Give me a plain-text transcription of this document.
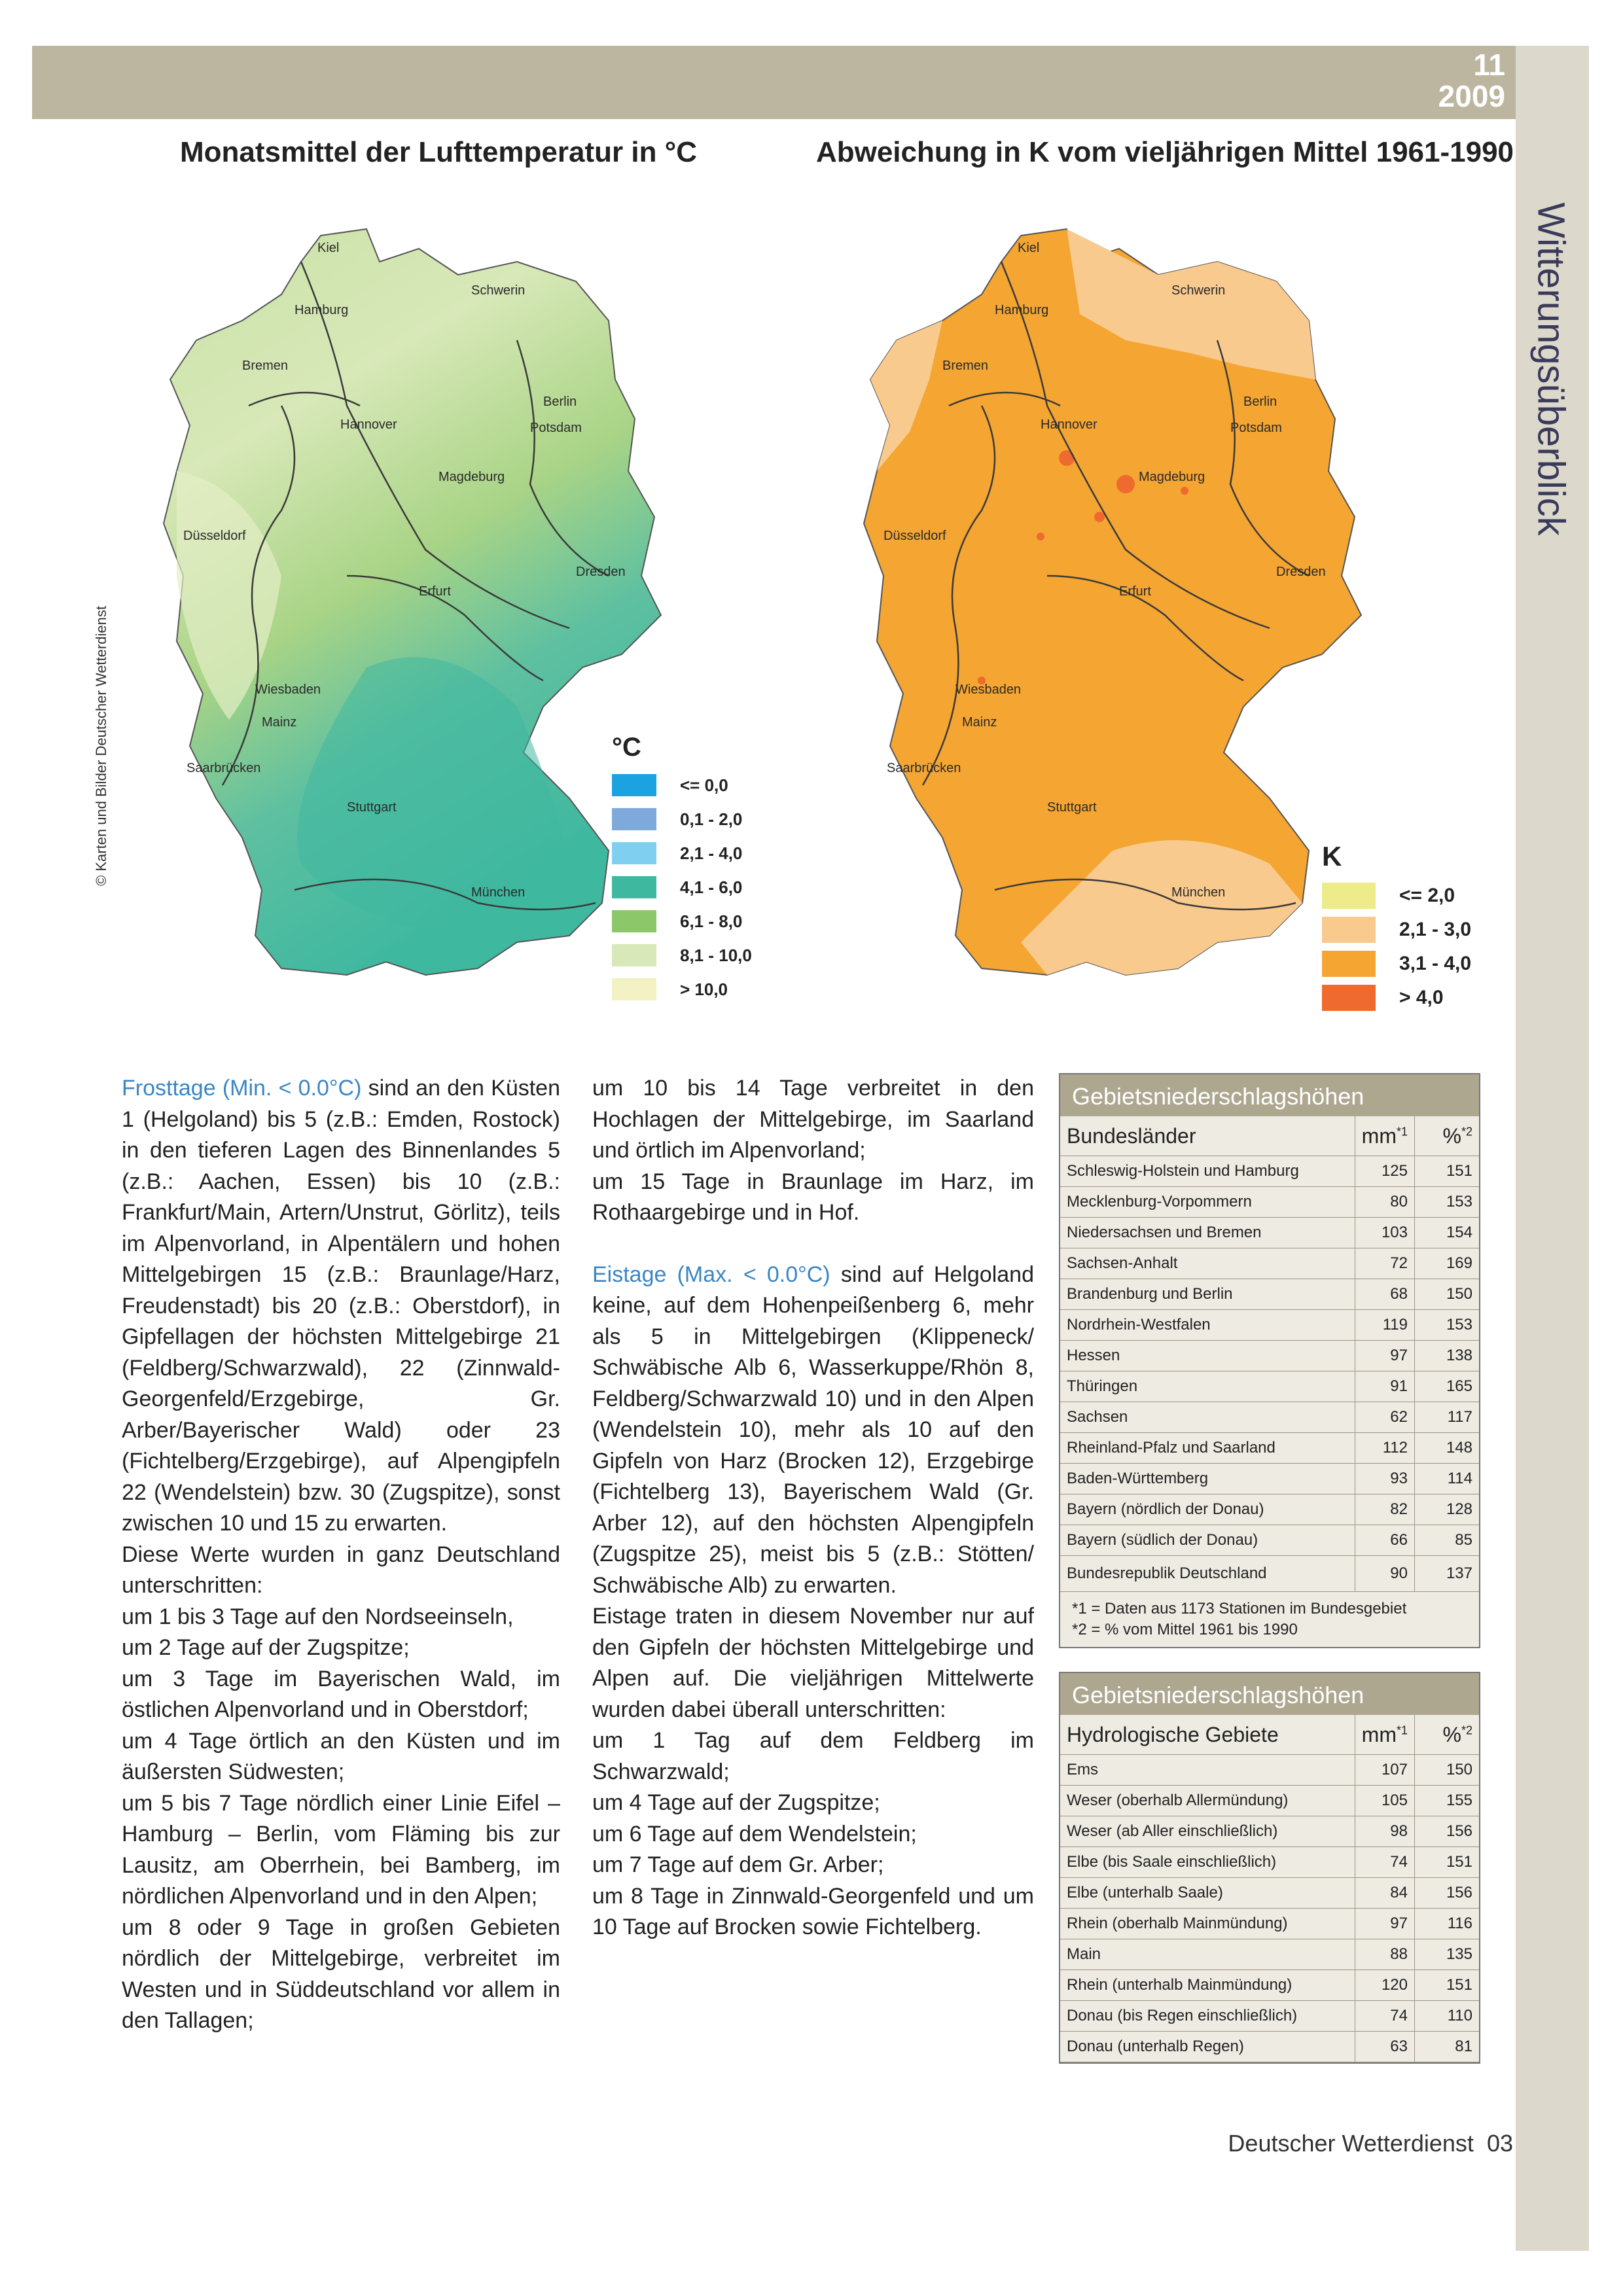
11
2009
Witterungsüberblick
© Karten und Bilder Deutscher Wetterdienst
Monatsmittel der Lufttemperatur in °C	Abweichung in K vom vieljährigen Mittel 1961-1990
Kiel
Schwerin
Hamburg
Bremen
Berlin
Potsdam
Hannover
Magdeburg
Düsseldorf
Erfurt
Dresden
Wiesbaden
Mainz
Saarbrücken
Stuttgart
München
°C
<= 0,0
0,1 - 2,0
2,1 - 4,0
4,1 - 6,0
6,1 - 8,0
8,1 - 10,0
> 10,0
Kiel
Schwerin
Hamburg
Bremen
Berlin
Potsdam
Hannover
Magdeburg
Düsseldorf
Erfurt
Dresden
Wiesbaden
Mainz
Saarbrücken
Stuttgart
München
K
<= 2,0
2,1 - 3,0
3,1 - 4,0
> 4,0

Frosttage (Min. < 0.0°C) sind an den Küsten 1 (Helgoland) bis 5 (z.B.: Emden, Rostock) in den tieferen Lagen des Binnenlandes 5 (z.B.: Aachen, Essen) bis 10 (z.B.: Frankfurt/Main, Artern/Unstrut, Görlitz), teils im Alpenvorland, in Alpentälern und hohen Mittelgebirgen 15 (z.B.: Braunlage/Harz, Freudenstadt) bis 20 (z.B.: Oberstdorf), in Gipfellagen der höchsten Mittelgebirge 21 (Feldberg/Schwarzwald), 22 (Zinnwald-Georgenfeld/Erzgebirge, Gr. Arber/Bayerischer Wald) oder 23 (Fichtelberg/Erzgebirge), auf Alpengipfeln 22 (Wendelstein) bzw. 30 (Zugspitze), sonst zwischen 10 und 15 zu erwarten.

Diese Werte wurden in ganz Deutschland unterschritten:

um 1 bis 3 Tage auf den Nordseeinseln,

um 2 Tage auf der Zugspitze;

um 3 Tage im Bayerischen Wald, im östlichen Alpenvorland und in Oberstdorf;

um 4 Tage örtlich an den Küsten und im äußersten Südwesten;

um 5 bis 7 Tage nördlich einer Linie Eifel – Hamburg – Berlin, vom Fläming bis zur Lausitz, am Oberrhein, bei Bamberg, im nördlichen Alpenvorland und in den Alpen;

um 8 oder 9 Tage in großen Gebieten nördlich der Mittelgebirge, verbreitet im Westen und in Süddeutschland vor allem in den Tallagen;

um 10 bis 14 Tage verbreitet in den Hochlagen der Mittelgebirge, im Saarland und örtlich im Alpenvorland;

um 15 Tage in Braunlage im Harz, im Rothaargebirge und in Hof.

Eistage (Max. < 0.0°C) sind auf Helgoland keine, auf dem Hohenpeißenberg 6, mehr als 5 in Mittelgebirgen (Klippeneck/ Schwäbische Alb 6, Wasserkuppe/Rhön 8, Feldberg/Schwarzwald 10) und in den Alpen (Wendelstein 10), mehr als 10 auf den Gipfeln von Harz (Brocken 12), Erzgebirge (Fichtelberg 13), Bayerischem Wald (Gr. Arber 12), auf den höchsten Alpengipfeln (Zugspitze 25), meist bis 5 (z.B.: Stötten/ Schwäbische Alb) zu erwarten.

Eistage traten in diesem November nur auf den Gipfeln der höchsten Mittelgebirge und Alpen auf. Die vieljährigen Mittelwerte wurden dabei überall unterschritten:

um 1 Tag auf dem Feldberg im Schwarzwald;

um 4 Tage auf der Zugspitze;

um 6 Tage auf dem Wendelstein;

um 7 Tage auf dem Gr. Arber;

um 8 Tage in Zinnwald-Georgenfeld und um 10 Tage auf Brocken sowie Fichtelberg.

Gebietsniederschlagshöhen
Bundesländer	$mm^{*1}$	%$^{*2}$
Schleswig-Holstein und Hamburg	125	151
Mecklenburg-Vorpommern	80	153
Niedersachsen und Bremen	103	154
Sachsen-Anhalt	72	169
Brandenburg und Berlin	68	150
Nordrhein-Westfalen	119	153
Hessen	97	138
Thüringen	91	165
Sachsen	62	117
Rheinland-Pfalz und Saarland	112	148
Baden-Württemberg	93	114
Bayern (nördlich der Donau)	82	128
Bayern (südlich der Donau)	66	85
Bundesrepublik Deutschland	90	137
*1 = Daten aus 1173 Stationen im Bundesgebiet
*2 = % vom Mittel 1961 bis 1990
Gebietsniederschlagshöhen
Hydrologische Gebiete	$mm^{*1}$	%$^{*2}$
Ems	107	150
Weser (oberhalb Allermündung)	105	155
Weser (ab Aller einschließlich)	98	156
Elbe (bis Saale einschließlich)	74	151
Elbe (unterhalb Saale)	84	156
Rhein (oberhalb Mainmündung)	97	116
Main	88	135
Rhein (unterhalb Mainmündung)	120	151
Donau (bis Regen einschließlich)	74	110
Donau (unterhalb Regen)	63	81
Deutscher Wetterdienst 03
